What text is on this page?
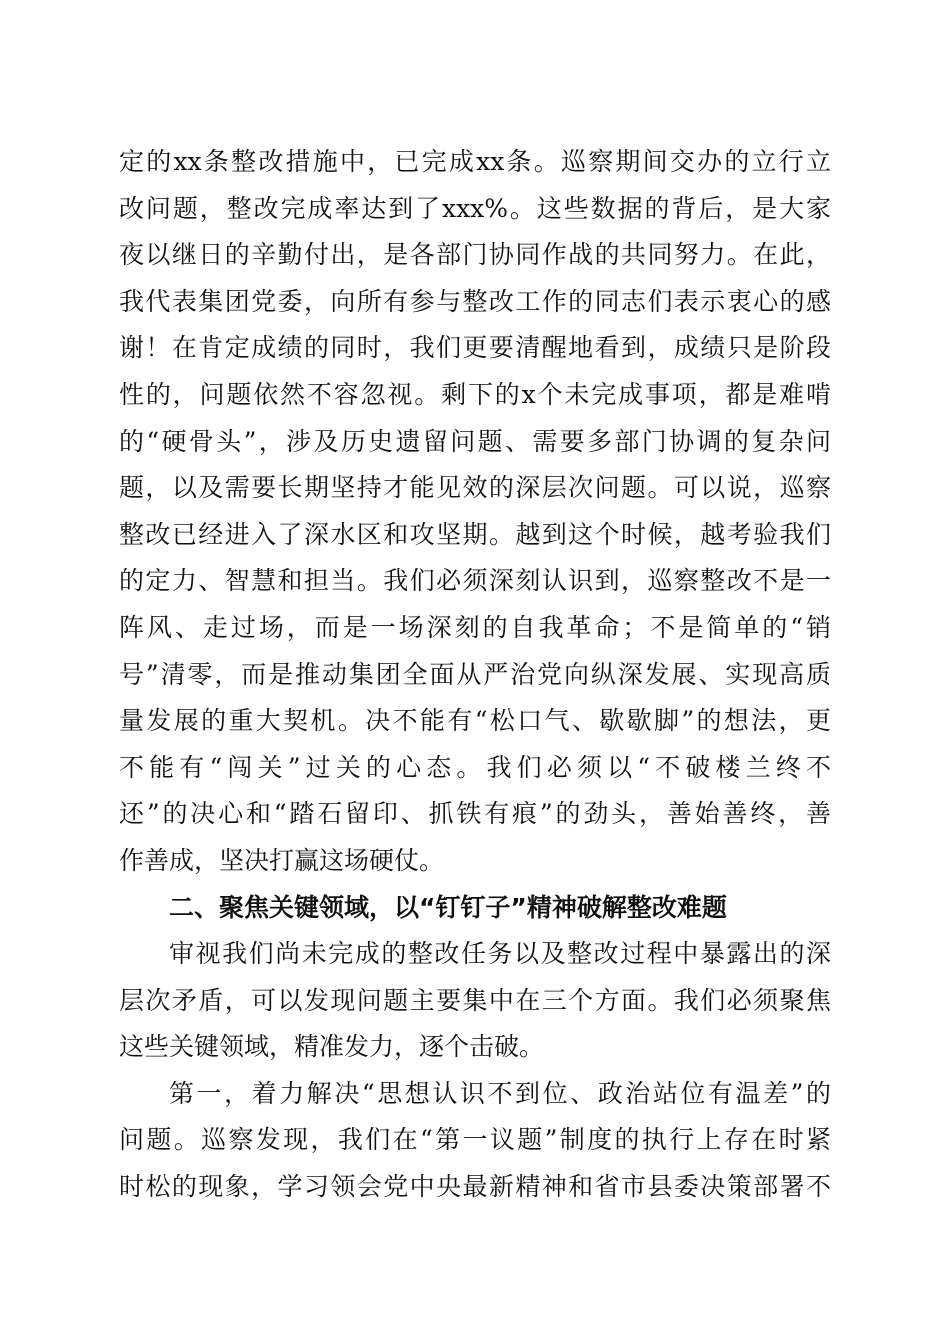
定的xx条整改措施中，已完成xx条。巡察期间交办的立行立
改问题，整改完成率达到了xxx%。这些数据的背后，是大家
夜以继日的辛勤付出，是各部门协同作战的共同努力。在此，
我代表集团党委，向所有参与整改工作的同志们表示衷心的感
谢！在肯定成绩的同时，我们更要清醒地看到，成绩只是阶段
性的，问题依然不容忽视。剩下的x个未完成事项，都是难啃
的“硬骨头”，涉及历史遗留问题、需要多部门协调的复杂问
题，以及需要长期坚持才能见效的深层次问题。可以说，巡察
整改已经进入了深水区和攻坚期。越到这个时候，越考验我们
的定力、智慧和担当。我们必须深刻认识到，巡察整改不是一
阵风、走过场，而是一场深刻的自我革命；不是简单的“销
号”清零，而是推动集团全面从严治党向纵深发展、实现高质
量发展的重大契机。决不能有“松口气、歇歇脚”的想法，更
不能有“闯关”过关的心态。我们必须以“不破楼兰终不
还”的决心和“踏石留印、抓铁有痕”的劲头，善始善终，善
作善成，坚决打赢这场硬仗。
二、聚焦关键领域，以“钉钉子”精神破解整改难题
审视我们尚未完成的整改任务以及整改过程中暴露出的深
层次矛盾，可以发现问题主要集中在三个方面。我们必须聚焦
这些关键领域，精准发力，逐个击破。
第一，着力解决“思想认识不到位、政治站位有温差”的
问题。巡察发现，我们在“第一议题”制度的执行上存在时紧
时松的现象，学习领会党中央最新精神和省市县委决策部署不
